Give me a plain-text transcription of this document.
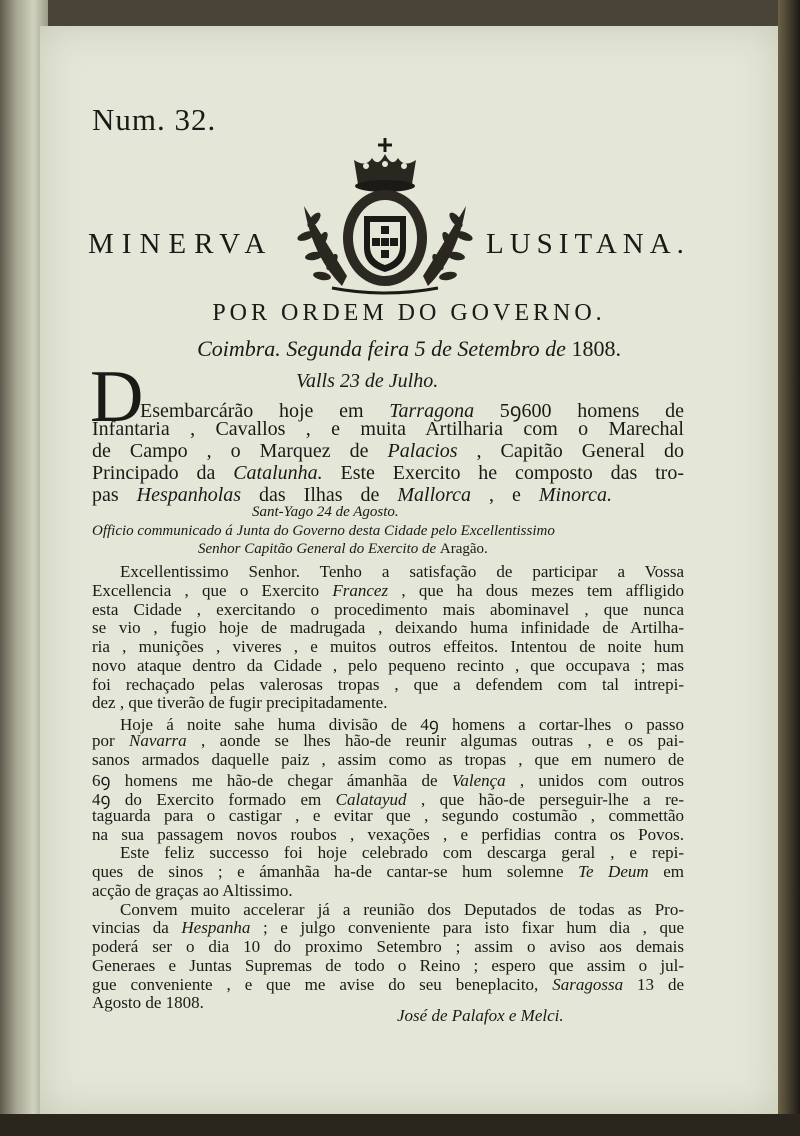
Num. 32.
MINERVA	LUSITANA.
POR ORDEM DO GOVERNO.
Coimbra. Segunda feira 5 de Setembro de 1808.
D	Valls 23 de Julho.
Esembarcárão hoje em Tarragona 5ꝯ600 homens de
Infantaria , Cavallos , e muita Artilharia com o Marechal
de Campo , o Marquez de Palacios , Capitão General do
Principado da Catalunha. Este Exercito he composto das tro-
pas Hespanholas das Ilhas de Mallorca , e Minorca.
Sant-Yago 24 de Agosto.
Officio communicado á Junta do Governo desta Cidade pelo Excellentissimo
Senhor Capitão General do Exercito de Aragão.
Excellentissimo Senhor. Tenho a satisfação de participar a Vossa
Excellencia , que o Exercito Francez , que ha dous mezes tem affligido
esta Cidade , exercitando o procedimento mais abominavel , que nunca
se vio , fugio hoje de madrugada , deixando huma infinidade de Artilha-
ria , munições , viveres , e muitos outros effeitos. Intentou de noite hum
novo ataque dentro da Cidade , pelo pequeno recinto , que occupava ; mas
foi rechaçado pelas valerosas tropas , que a defendem com tal intrepi-
dez , que tiverão de fugir precipitadamente.
Hoje á noite sahe huma divisão de 4ꝯ homens a cortar-lhes o passo
por Navarra , aonde se lhes hão-de reunir algumas outras , e os pai-
sanos armados daquelle paiz , assim como as tropas , que em numero de
6ꝯ homens me hão-de chegar ámanhãa de Valença , unidos com outros
4ꝯ do Exercito formado em Calatayud , que hão-de perseguir-lhe a re-
taguarda para o castigar , e evitar que , segundo costumão , commettão
na sua passagem novos roubos , vexações , e perfidias contra os Povos.
Este feliz successo foi hoje celebrado com descarga geral , e repi-
ques de sinos ; e ámanhãa ha-de cantar-se hum solemne Te Deum em
acção de graças ao Altissimo.
Convem muito accelerar já a reunião dos Deputados de todas as Pro-
vincias da Hespanha ; e julgo conveniente para isto fixar hum dia , que
poderá ser o dia 10 do proximo Setembro ; assim o aviso aos demais
Generaes e Juntas Supremas de todo o Reino ; espero que assim o jul-
gue conveniente , e que me avise do seu beneplacito, Saragossa 13 de
Agosto de 1808.
José de Palafox e Melci.
